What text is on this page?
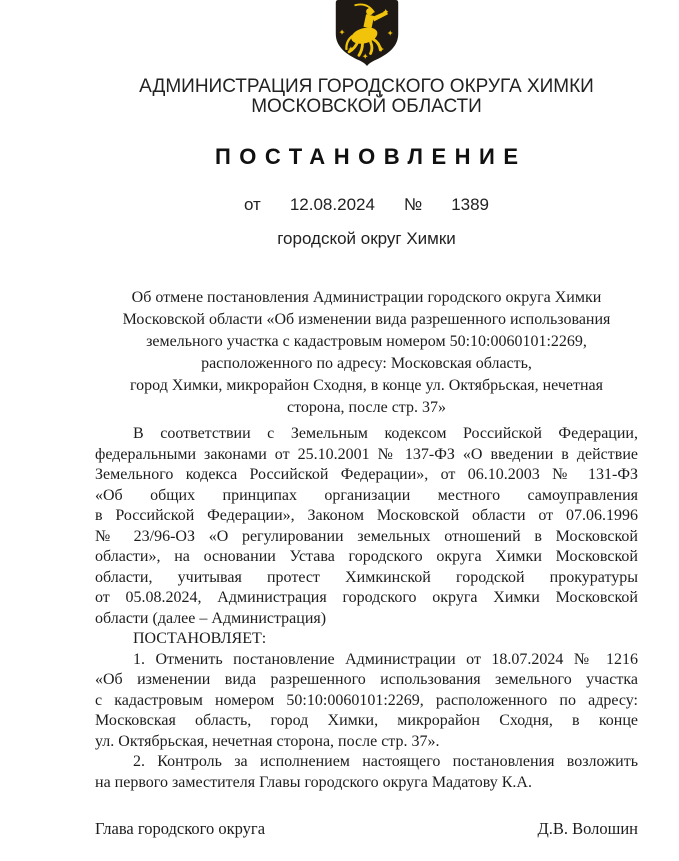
АДМИНИСТРАЦИЯ ГОРОДСКОГО ОКРУГА ХИМКИ
МОСКОВСКОЙ ОБЛАСТИ
ПОСТАНОВЛЕНИЕ
от 12.08.2024 № 1389
городской округ Химки
Об отмене постановления Администрации городского округа Химки
Московской области «Об изменении вида разрешенного использования
земельного участка с кадастровым номером 50:10:0060101:2269,
расположенного по адресу: Московская область,
город Химки, микрорайон Сходня, в конце ул. Октябрьская, нечетная
сторона, после стр. 37»
В соответствии с Земельным кодексом Российской Федерации,
федеральными законами от 25.10.2001 № 137-ФЗ «О введении в действие
Земельного кодекса Российской Федерации», от 06.10.2003 № 131-ФЗ
«Об общих принципах организации местного самоуправления
в Российской Федерации», Законом Московской области от 07.06.1996
№ 23/96-ОЗ «О регулировании земельных отношений в Московской
области», на основании Устава городского округа Химки Московской
области, учитывая протест Химкинской городской прокуратуры
от 05.08.2024, Администрация городского округа Химки Московской
области (далее – Администрация)
ПОСТАНОВЛЯЕТ:
1. Отменить постановление Администрации от 18.07.2024 № 1216
«Об изменении вида разрешенного использования земельного участка
с кадастровым номером 50:10:0060101:2269, расположенного по адресу:
Московская область, город Химки, микрорайон Сходня, в конце
ул. Октябрьская, нечетная сторона, после стр. 37».
2. Контроль за исполнением настоящего постановления возложить
на первого заместителя Главы городского округа Мадатову К.А.
Глава городского округа	Д.В. Волошин
